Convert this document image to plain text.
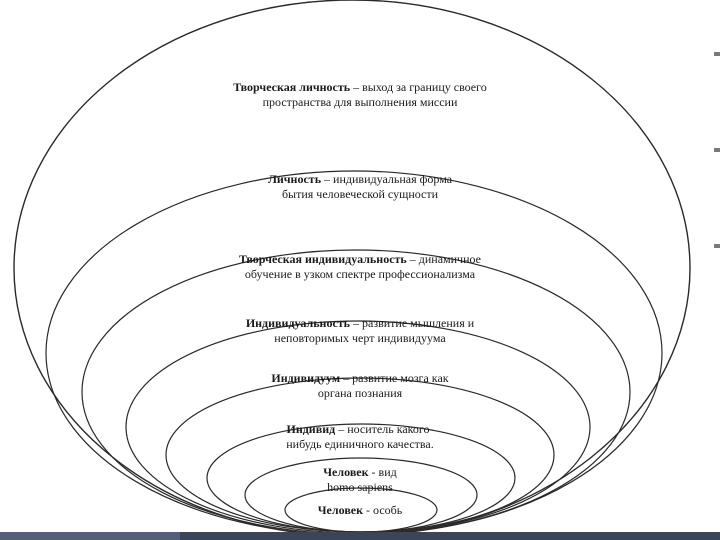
Творческая личность – выход за границу своего
пространства для выполнения миссии
Личность – индивидуальная форма
бытия человеческой сущности
Творческая индивидуальность – динамичное
обучение в узком спектре профессионализма
Индивидуальность – развитие мышления и
неповторимых черт индивидуума
Индивидуум – развитие мозга как
органа познания
Индивид – носитель какого-
нибудь единичного качества.
Человек - вид
homo sapiens
Человек - особь
